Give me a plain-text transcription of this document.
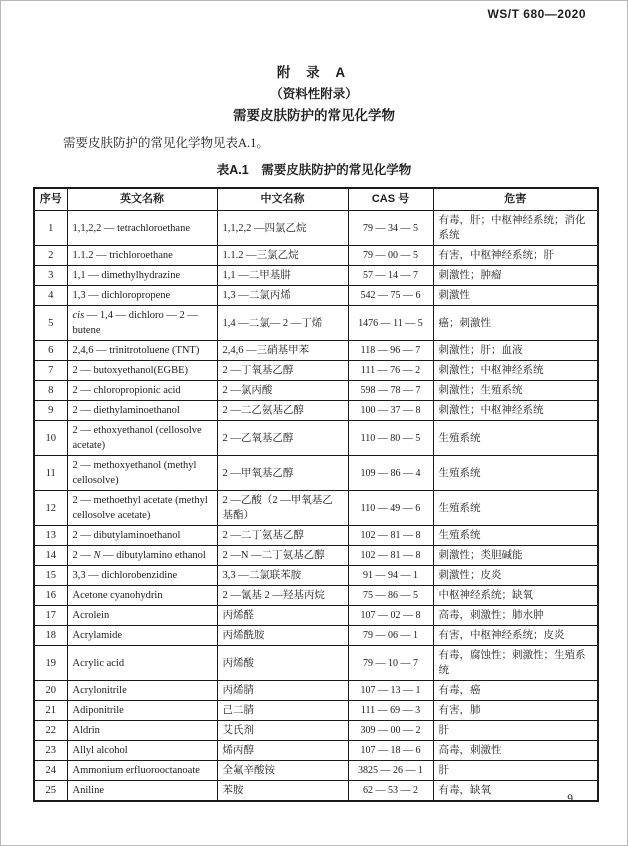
WS/T 680—2020
附 录 A
（资料性附录）
需要皮肤防护的常见化学物
需要皮肤防护的常见化学物见表A.1。
表A.1　需要皮肤防护的常见化学物
序号	英文名称	中文名称	CAS 号	危害
1	1,1,2,2 — tetrachloroethane	1,1,2,2 —四氯乙烷	79 — 34 — 5	有毒，肝；中枢神经系统；消化系统
2	1.1.2 — trichloroethane	1.1.2 —三氯乙烷	79 — 00 — 5	有害，中枢神经系统；肝
3	1,1 — dimethylhydrazine	1,1 —二甲基肼	57 — 14 — 7	刺激性；肿瘤
4	1,3 — dichloropropene	1,3 —二氯丙烯	542 — 75 — 6	刺激性
5	cis — 1,4 — dichloro — 2 — butene	1,4 —二氯— 2 —丁烯	1476 — 11 — 5	癌；刺激性
6	2,4,6 — trinitrotoluene (TNT)	2,4,6 —三硝基甲苯	118 — 96 — 7	刺激性；肝；血液
7	2 — butoxyethanol(EGBE)	2 —丁氧基乙醇	111 — 76 — 2	刺激性；中枢神经系统
8	2 — chloropropionic acid	2 —氯丙酸	598 — 78 — 7	刺激性；生殖系统
9	2 — diethylaminoethanol	2 —二乙氨基乙醇	100 — 37 — 8	刺激性；中枢神经系统
10	2 — ethoxyethanol (cellosolve acetate)	2 —乙氧基乙醇	110 — 80 — 5	生殖系统
11	2 — methoxyethanol (methyl cellosolve)	2 —甲氧基乙醇	109 — 86 — 4	生殖系统
12	2 — methoethyl acetate (methyl cellosolve acetate)	2 —乙酸（2 —甲氧基乙基酯）	110 — 49 — 6	生殖系统
13	2 — dibutylaminoethanol	2 —二丁氨基乙醇	102 — 81 — 8	生殖系统
14	2 — N — dibutylamino ethanol	2 —N —二丁氨基乙醇	102 — 81 — 8	刺激性；类胆碱能
15	3,3 — dichlorobenzidine	3,3 —二氯联苯胺	91 — 94 — 1	刺激性；皮炎
16	Acetone cyanohydrin	2 —氰基 2 —羟基丙烷	75 — 86 — 5	中枢神经系统；缺氧
17	Acrolein	丙烯醛	107 — 02 — 8	高毒，刺激性；肺水肿
18	Acrylamide	丙烯酰胺	79 — 06 — 1	有害，中枢神经系统；皮炎
19	Acrylic acid	丙烯酸	79 — 10 — 7	有毒，腐蚀性；刺激性；生殖系统
20	Acrylonitrile	丙烯腈	107 — 13 — 1	有毒，癌
21	Adiponitrile	己二腈	111 — 69 — 3	有害，肺
22	Aldrin	艾氏剂	309 — 00 — 2	肝
23	Allyl alcohol	烯丙醇	107 — 18 — 6	高毒，刺激性
24	Ammonium erfluorooctanoate	全氟辛酸铵	3825 — 26 — 1	肝
25	Aniline	苯胺	62 — 53 — 2	有毒，缺氧
9
